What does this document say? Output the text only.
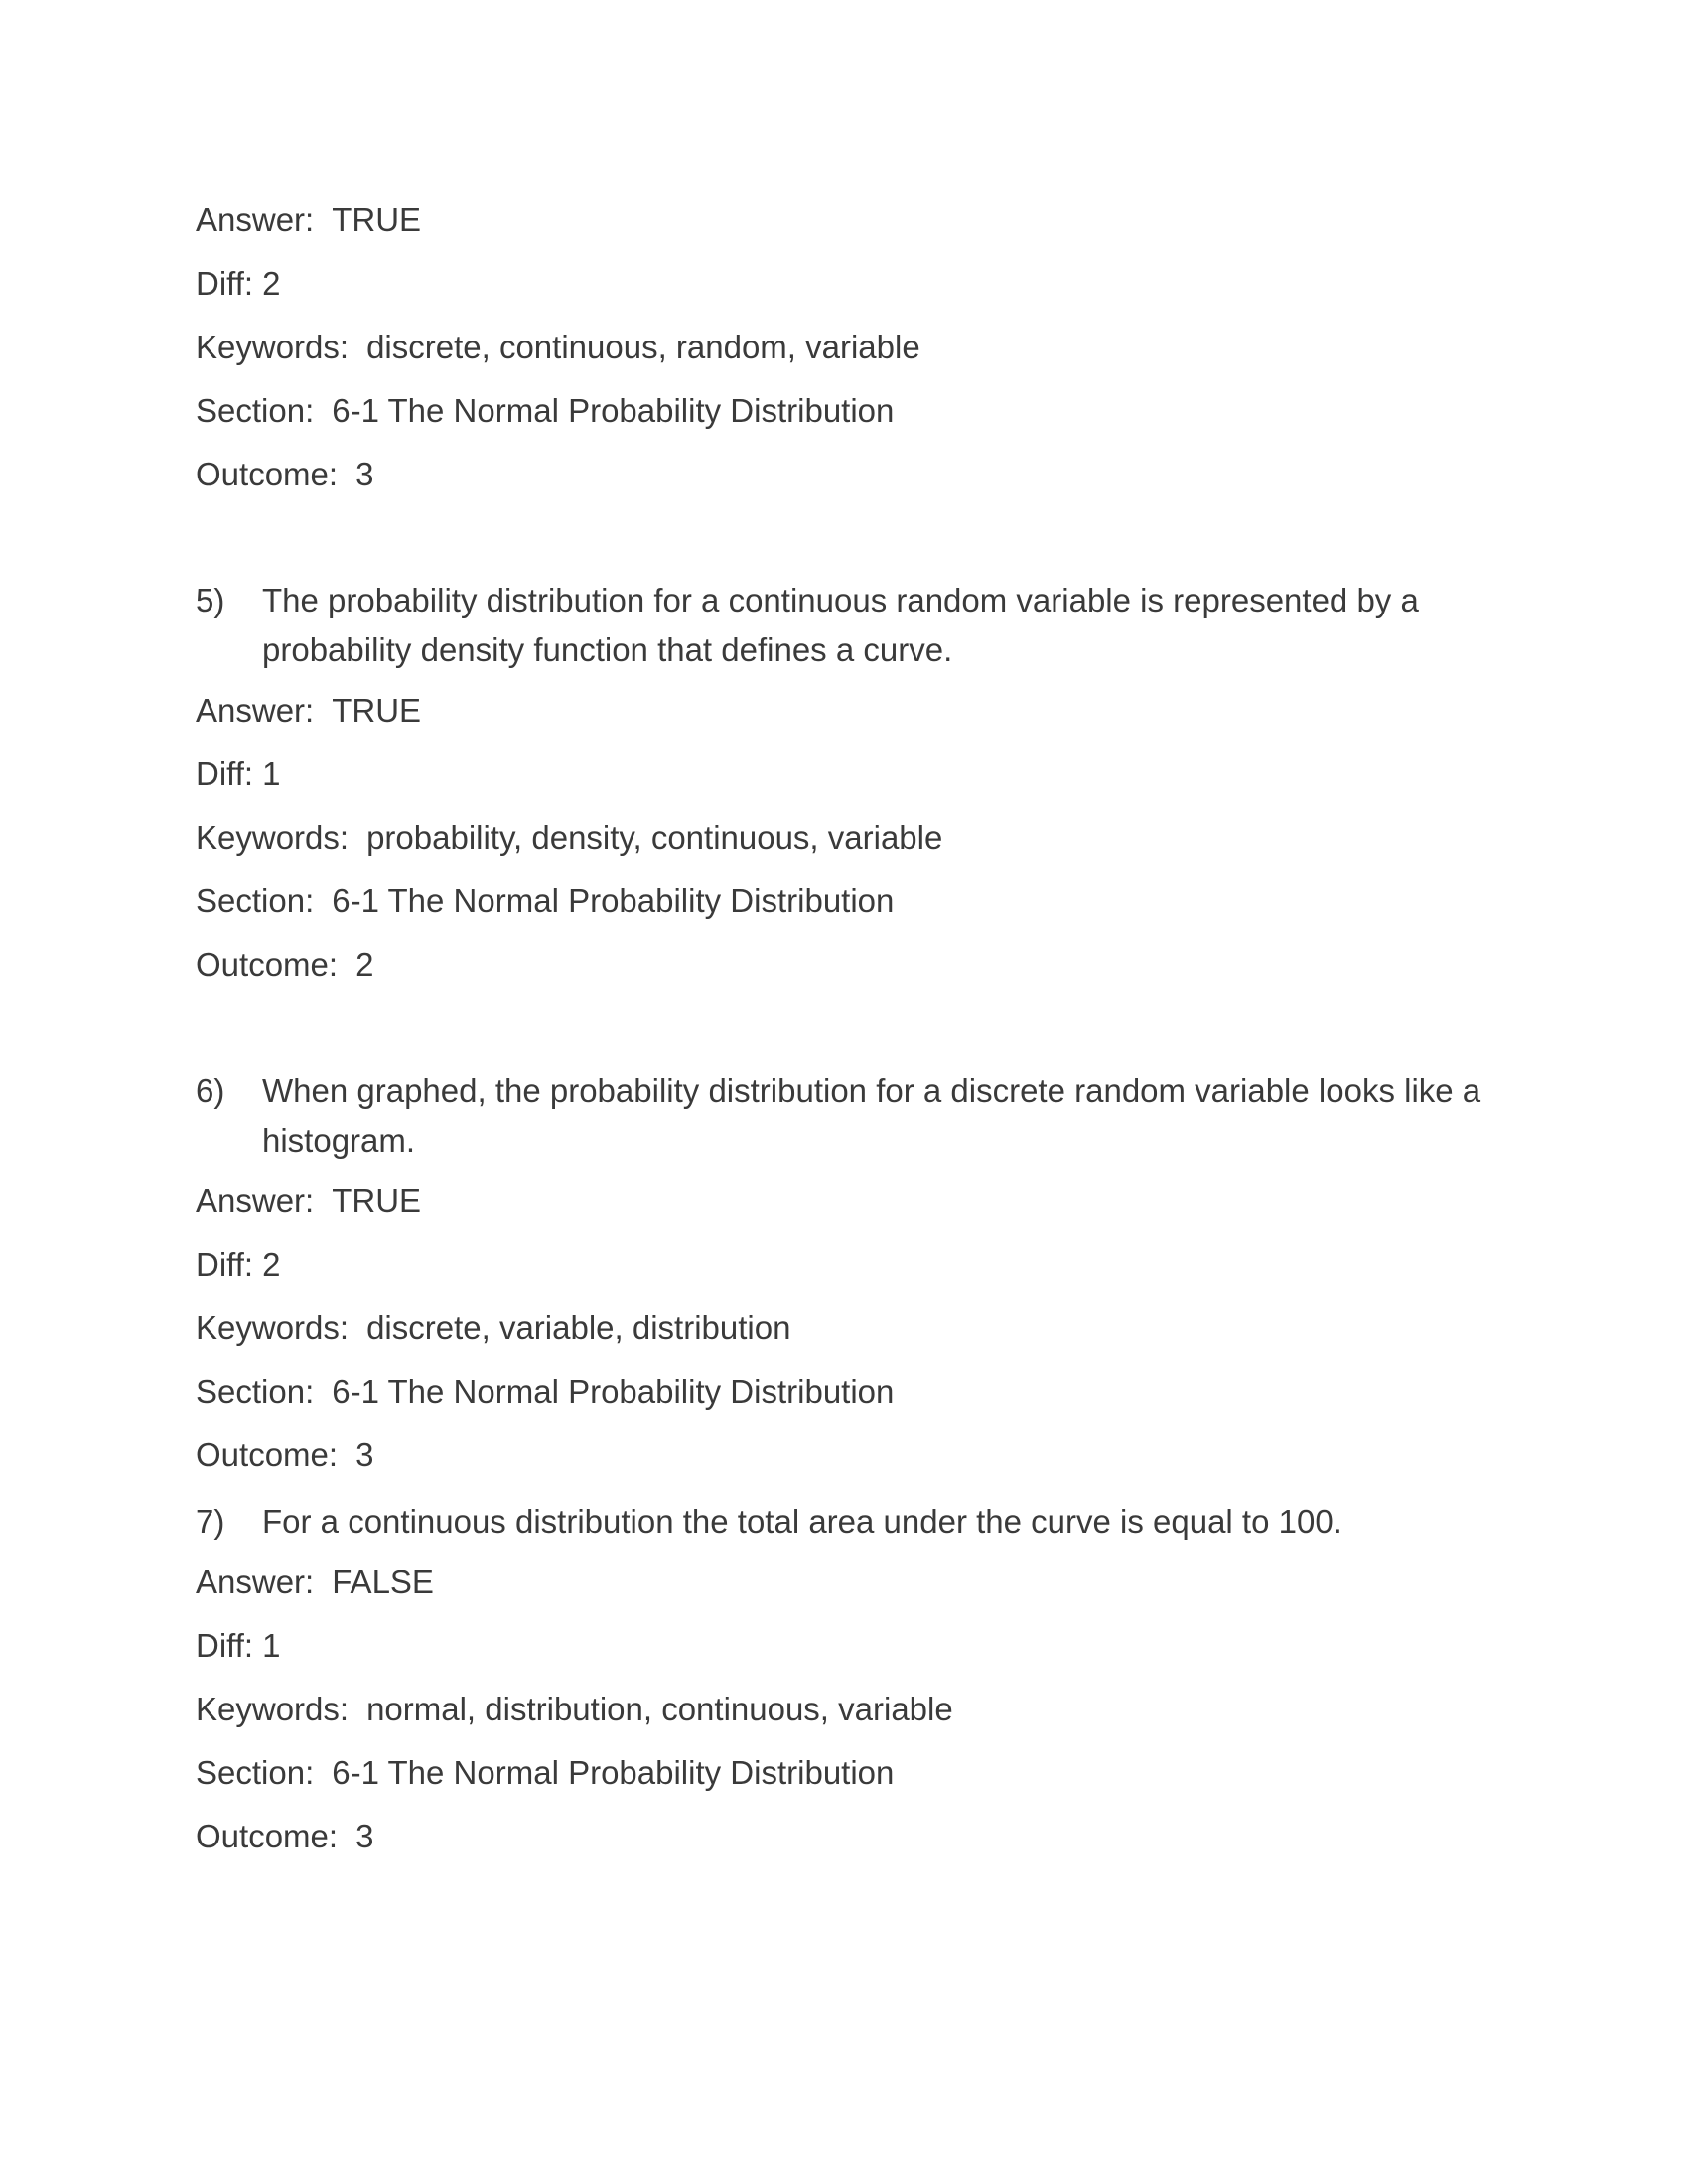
Answer: TRUE
Diff: 2
Keywords: discrete, continuous, random, variable
Section: 6-1 The Normal Probability Distribution
Outcome: 3
5)	The probability distribution for a continuous random variable is represented by a probability density function that defines a curve.
Answer: TRUE
Diff: 1
Keywords: probability, density, continuous, variable
Section: 6-1 The Normal Probability Distribution
Outcome: 2
6)	When graphed, the probability distribution for a discrete random variable looks like a histogram.
Answer: TRUE
Diff: 2
Keywords: discrete, variable, distribution
Section: 6-1 The Normal Probability Distribution
Outcome: 3
7)	For a continuous distribution the total area under the curve is equal to 100.
Answer: FALSE
Diff: 1
Keywords: normal, distribution, continuous, variable
Section: 6-1 The Normal Probability Distribution
Outcome: 3
